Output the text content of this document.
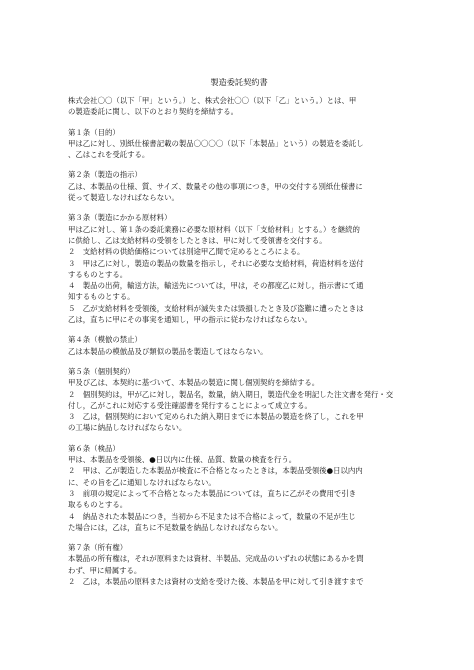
製造委託契約書
株式会社〇〇（以下「甲」という。）と、株式会社〇〇（以下「乙」という。）とは、甲
の製造委託に関し、以下のとおり契約を締結する。
第１条（目的）
甲は乙に対し、別紙仕様書記載の製品〇〇〇〇（以下「本製品」という）の製造を委託し
、乙はこれを受託する。
第２条（製造の指示）
乙は、本製品の仕様、質、サイズ、数量その他の事項につき，甲の交付する別紙仕様書に
従って製造しなければならない。
第３条（製造にかかる原材料）
甲は乙に対し、第１条の委託業務に必要な原材料（以下「支給材料」とする。）を継続的
に供給し、乙は支給材料の受領をしたときは、甲に対して受領書を交付する。
２　支給材料の供給価格については別途甲乙間で定めるところによる。
３　甲は乙に対し，製造の製品の数量を指示し，それに必要な支給材料，荷造材料を送付
するものとする。
４　製品の出荷，輸送方法，輸送先については，甲は，その都度乙に対し，指示書にて通
知するものとする。
５　乙が支給材料を受領後，支給材料が滅失または毀損したとき及び盗難に遭ったときは
乙は，直ちに甲にその事実を通知し，甲の指示に従わなければならない。
第４条（模倣の禁止）
乙は本製品の模倣品及び類似の製品を製造してはならない。
第５条（個別契約）
甲及び乙は、本契約に基づいて、本製品の製造に関し個別契約を締結する。
２　個別契約は，甲が乙に対し，製品名，数量，納入期日，製造代金を明記した注文書を発行・交
付し，乙がこれに対応する受注確認書を発行することによって成立する。
３　乙は，個別契約において定められた納入期日までに本製品の製造を終了し，これを甲
の工場に納品しなければならない。
第６条（検品）
甲は、本製品を受領後、●日以内に仕様、品質、数量の検査を行う。
２　甲は、乙が製造した本製品が検査に不合格となったときは，本製品受領後●日以内内
に、その旨を乙に通知しなければならない。
３　前項の規定によって不合格となった本製品については，直ちに乙がその費用で引き
取るものとする。
４　納品された本製品につき，当初から不足または不合格によって，数量の不足が生じ
た場合には，乙は，直ちに不足数量を納品しなければならない。
第７条（所有権）
本製品の所有権は，それが原料または資材、半製品、完成品のいずれの状態にあるかを問
わず、甲に帰属する。
２　乙は，本製品の原料または資材の支給を受けた後、本製品を甲に対して引き渡すまで
